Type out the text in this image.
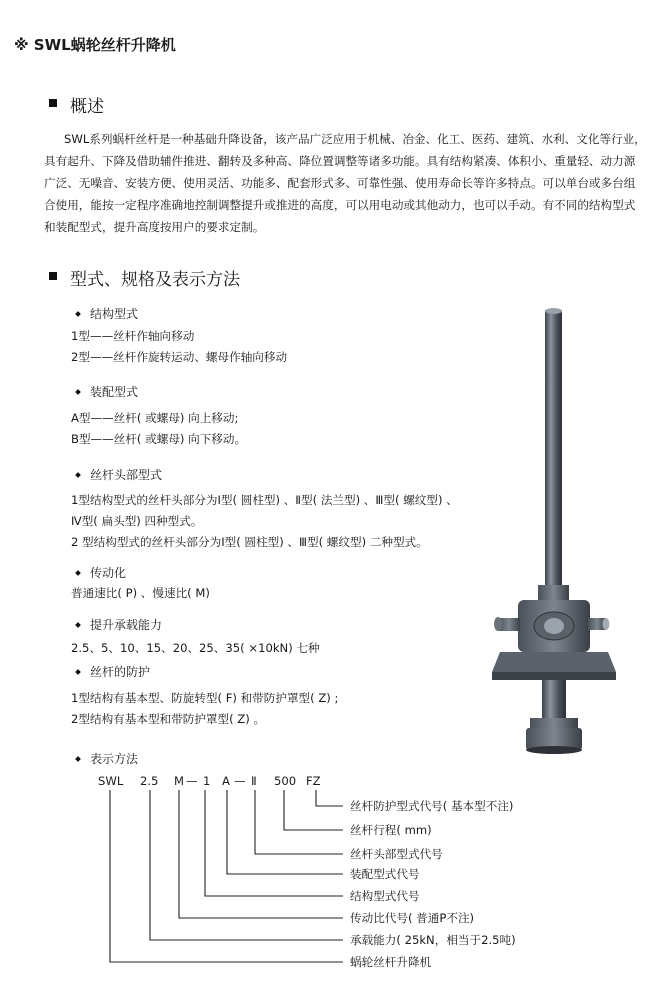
※ SWL蜗轮丝杆升降机
概述
SWL系列蜗杆丝杆是一种基础升降设备，该产品广泛应用于机械、冶金、化工、医药、建筑、水利、文化等行业，
具有起升、下降及借助辅件推进、翻转及多种高、降位置调整等诸多功能。具有结构紧凑、体积小、重量轻、动力源
广泛、无噪音、安装方便、使用灵活、功能多、配套形式多、可靠性强、使用寿命长等许多特点。可以单台或多台组
合使用，能按一定程序准确地控制调整提升或推进的高度，可以用电动或其他动力，也可以手动。有不同的结构型式
和装配型式，提升高度按用户的要求定制。
型式、规格及表示方法
结构型式
1型——丝杆作轴向移动
2型——丝杆作旋转运动、螺母作轴向移动
装配型式
A型——丝杆( 或螺母) 向上移动;
B型——丝杆( 或螺母) 向下移动。
丝杆头部型式
1型结构型式的丝杆头部分为Ⅰ型( 圆柱型) 、Ⅱ型( 法兰型) 、Ⅲ型( 螺纹型) 、
Ⅳ型( 扁头型) 四种型式。
2 型结构型式的丝杆头部分为Ⅰ型( 圆柱型) 、Ⅲ型( 螺纹型) 二种型式。
传动化
普通速比( P) 、慢速比( M)
提升承载能力
2.5、5、10、15、20、25、35( ×10kN) 七种
丝杆的防护
1型结构有基本型、防旋转型( F) 和带防护罩型( Z) ;
2型结构有基本型和带防护罩型( Z) 。
表示方法
SWL 2.5 M — 1 A — Ⅱ 500 FZ
丝杆防护型式代号( 基本型不注)
丝杆行程( mm)
丝杆头部型式代号
装配型式代号
结构型式代号
传动比代号( 普通P不注)
承载能力( 25kN，相当于2.5吨)
蜗轮丝杆升降机
